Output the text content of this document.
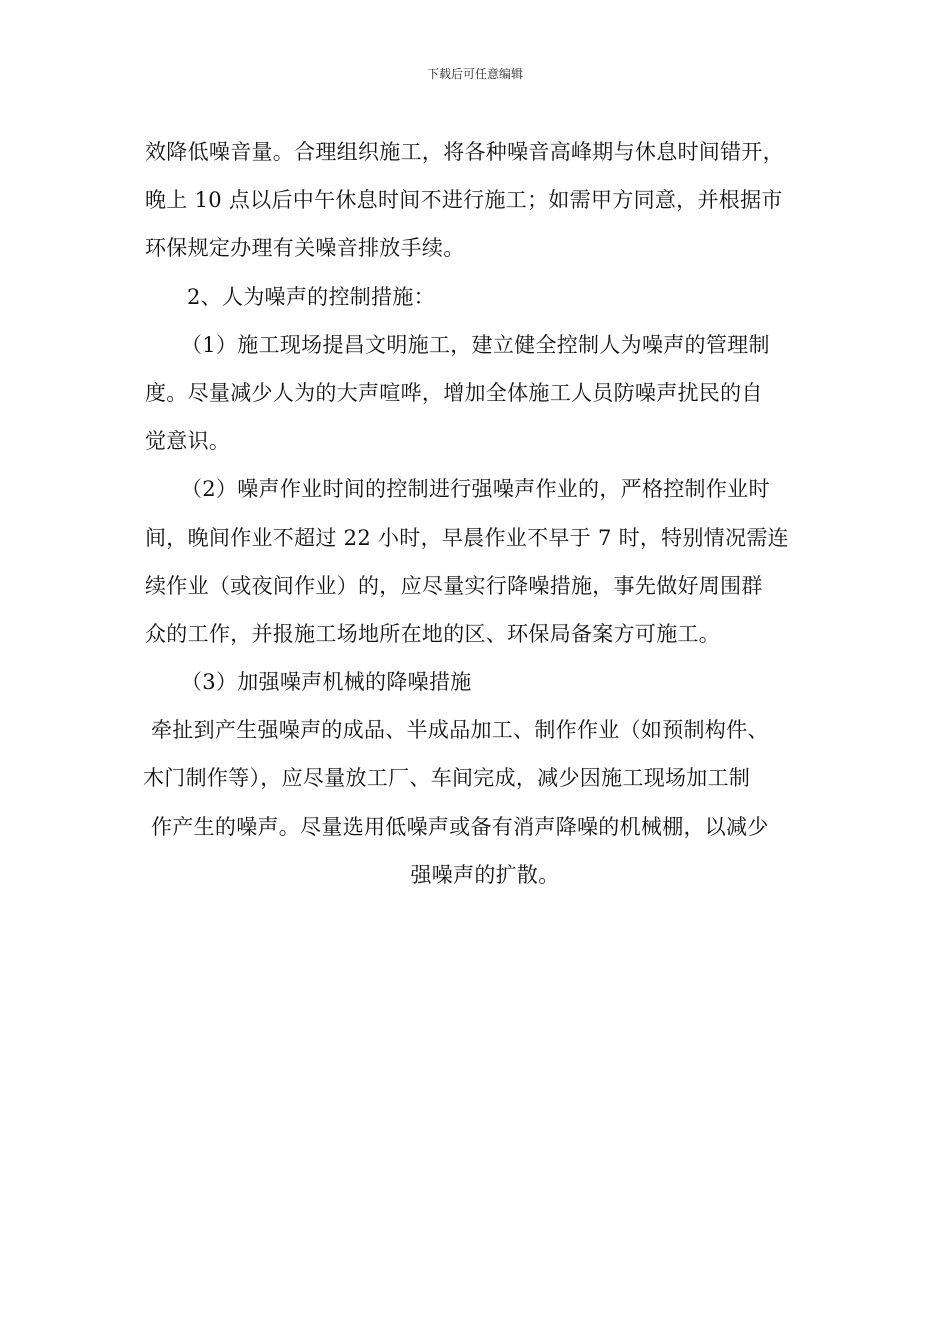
下载后可任意编辑
效降低噪音量。合理组织施工，将各种噪音高峰期与休息时间错开，
晚上 10 点以后中午休息时间不进行施工；如需甲方同意，并根据市
环保规定办理有关噪音排放手续。
2、人为噪声的控制措施：
（1）施工现场提昌文明施工，建立健全控制人为噪声的管理制
度。尽量减少人为的大声喧哗，增加全体施工人员防噪声扰民的自
觉意识。
（2）噪声作业时间的控制进行强噪声作业的，严格控制作业时
间，晚间作业不超过 22 小时，早晨作业不早于 7 时，特别情况需连
续作业（或夜间作业）的，应尽量实行降噪措施，事先做好周围群
众的工作，并报施工场地所在地的区、环保局备案方可施工。
（3）加强噪声机械的降噪措施
牵扯到产生强噪声的成品、半成品加工、制作作业（如预制构件、
木门制作等），应尽量放工厂、车间完成，减少因施工现场加工制
作产生的噪声。尽量选用低噪声或备有消声降噪的机械棚，以减少
强噪声的扩散。
